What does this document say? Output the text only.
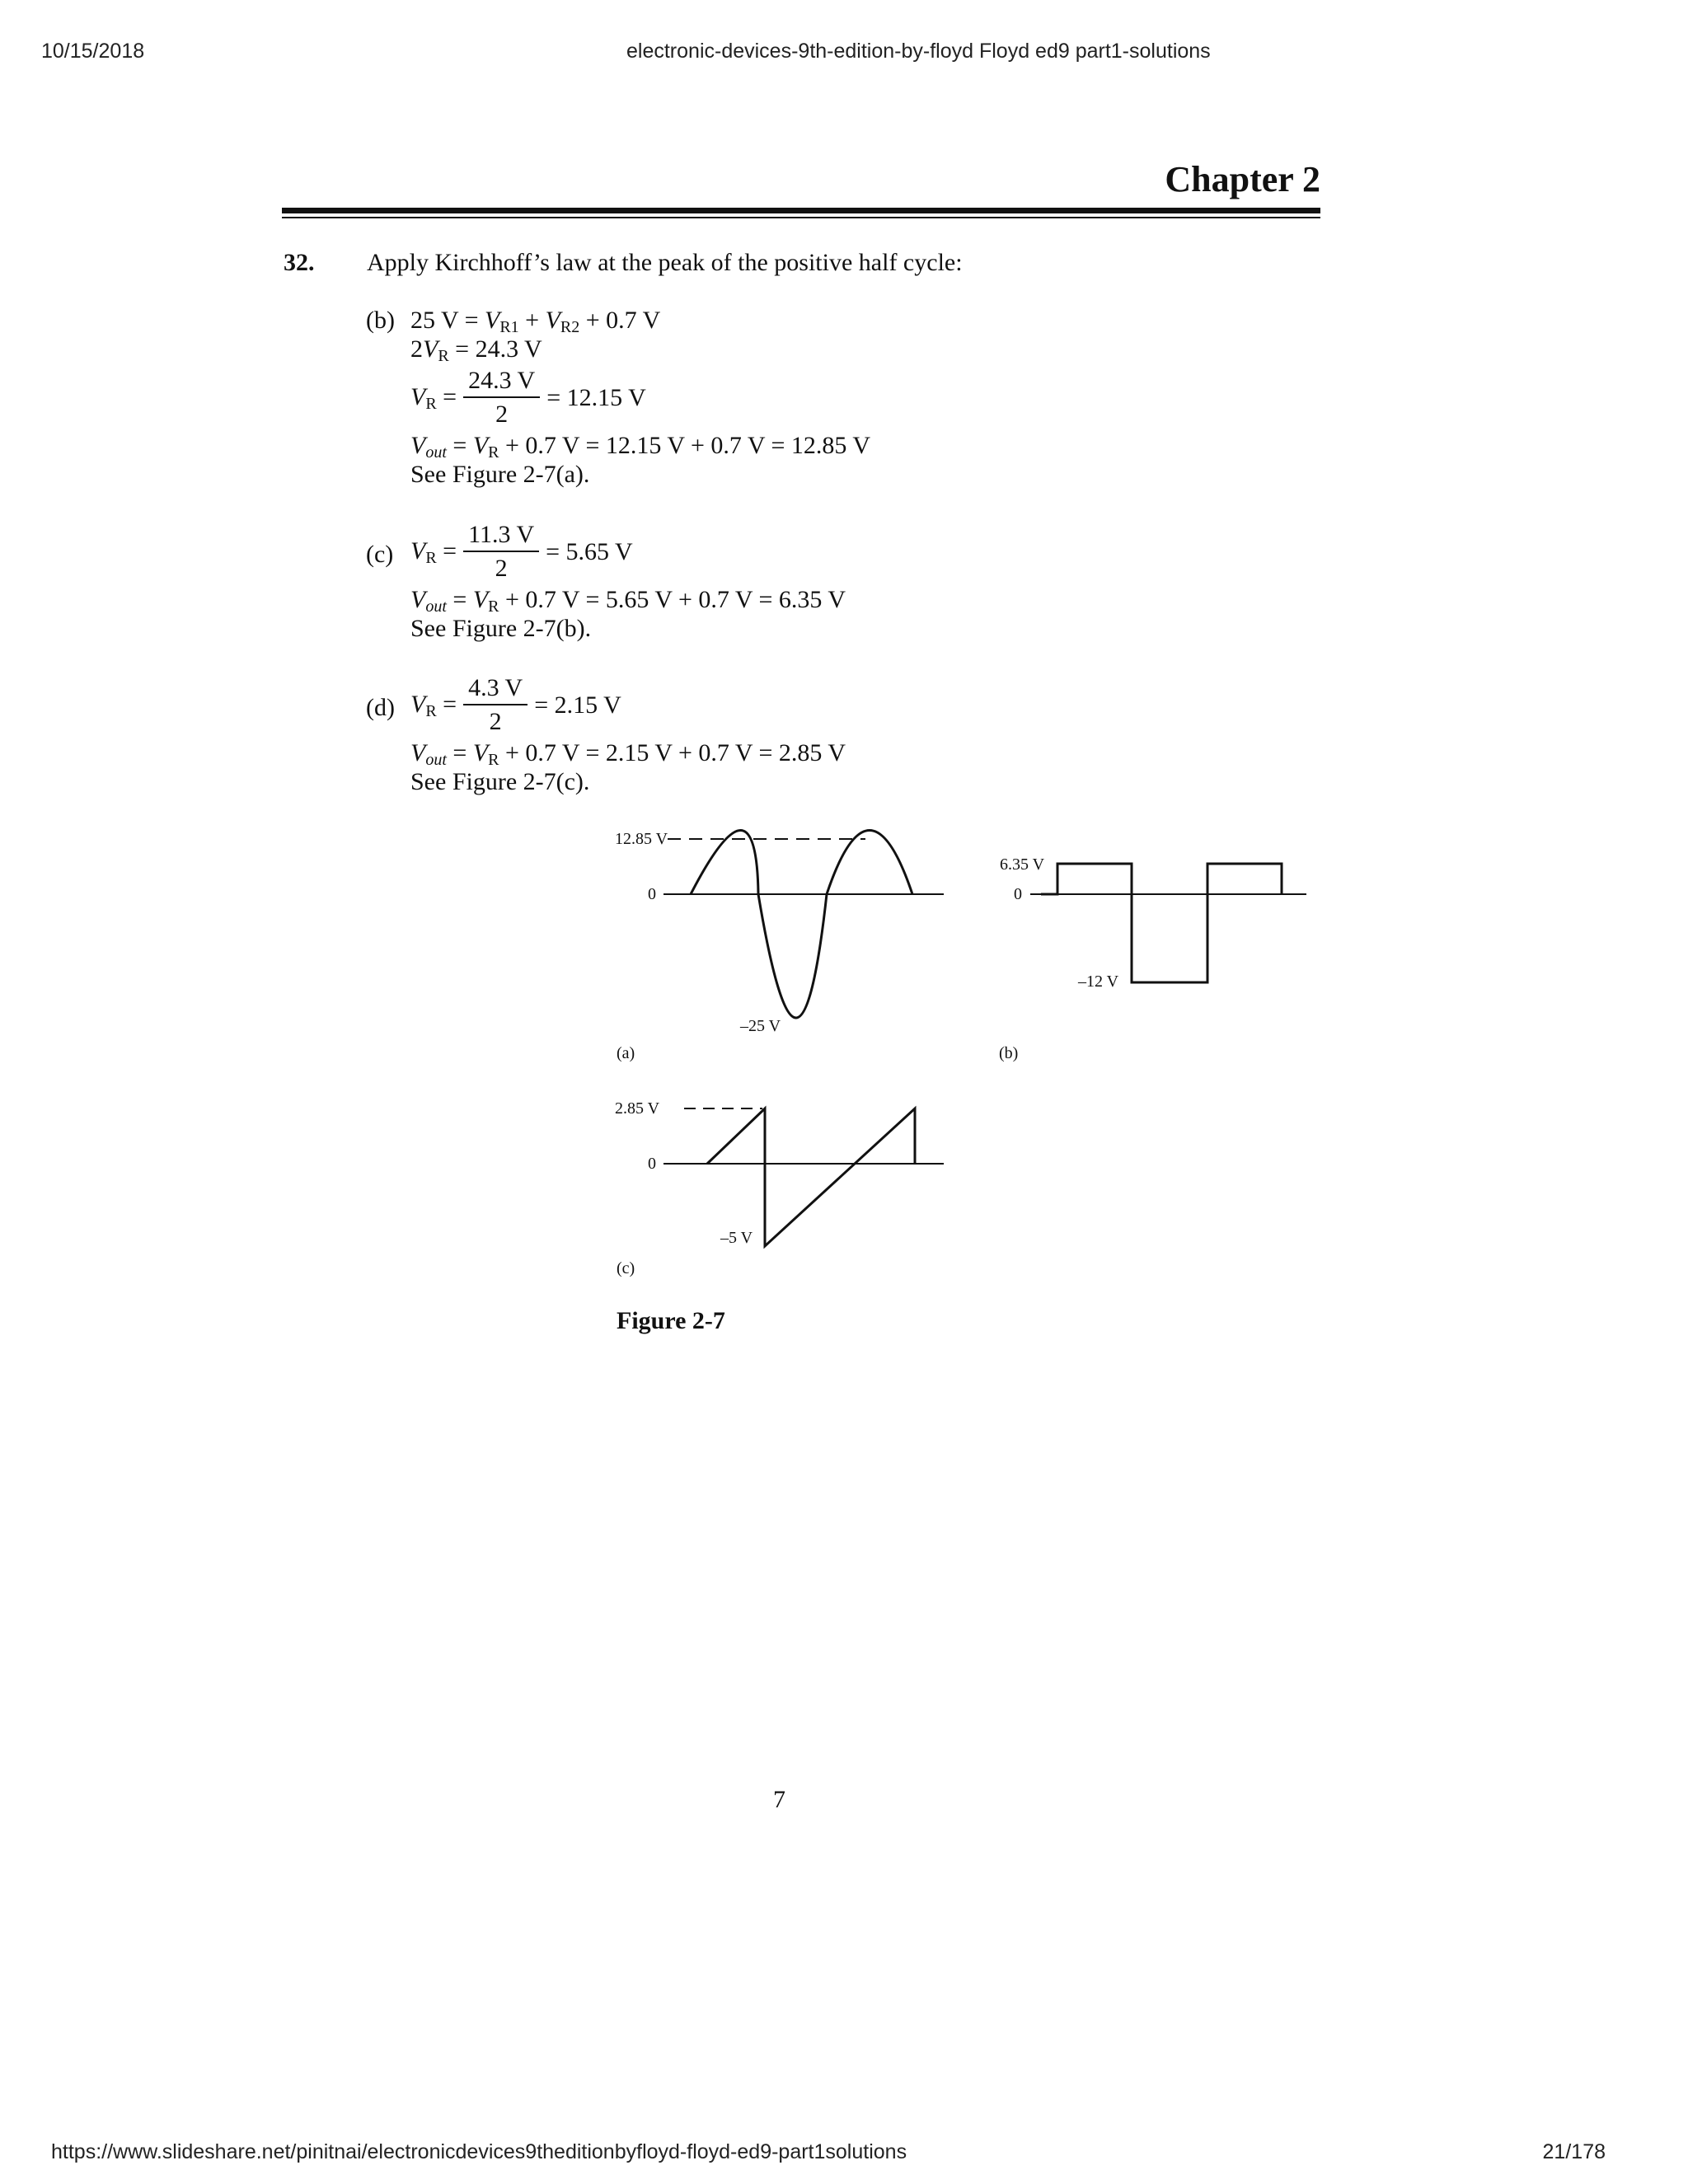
10/15/2018	electronic-devices-9th-edition-by-floyd Floyd ed9 part1-solutions
Chapter 2
32. Apply Kirchhoff’s law at the peak of the positive half cycle:
(b) 25 $V = V_{R1} + V_{R2} + 0.7$ V
$2V_R = 24.3$ V
$V_R = \frac{24.3 V}{2} = 12.15$ V
$V_{out} = V_R + 0.7$ V = 12.15 V + 0.7 V = 12.85 V
See Figure 2-7(a).
(c) $V_R = \frac{11.3 V}{2} = 5.65$ V
$V_{out} = V_R + 0.7$ V = 5.65 V + 0.7 V = 6.35 V
See Figure 2-7(b).
(d) $V_R = \frac{4.3 V}{2} = 2.15$ V
$V_{out} = V_R + 0.7$ V = 2.15 V + 0.7 V = 2.85 V
See Figure 2-7(c).
12.85 V
0
–25 V
(a)
6.35 V
0
–12 V
(b)
2.85 V
0
–5 V
(c)
Figure 2-7
7
https://www.slideshare.net/pinitnai/electronicdevices9theditionbyfloyd-floyd-ed9-part1solutions	21/178
